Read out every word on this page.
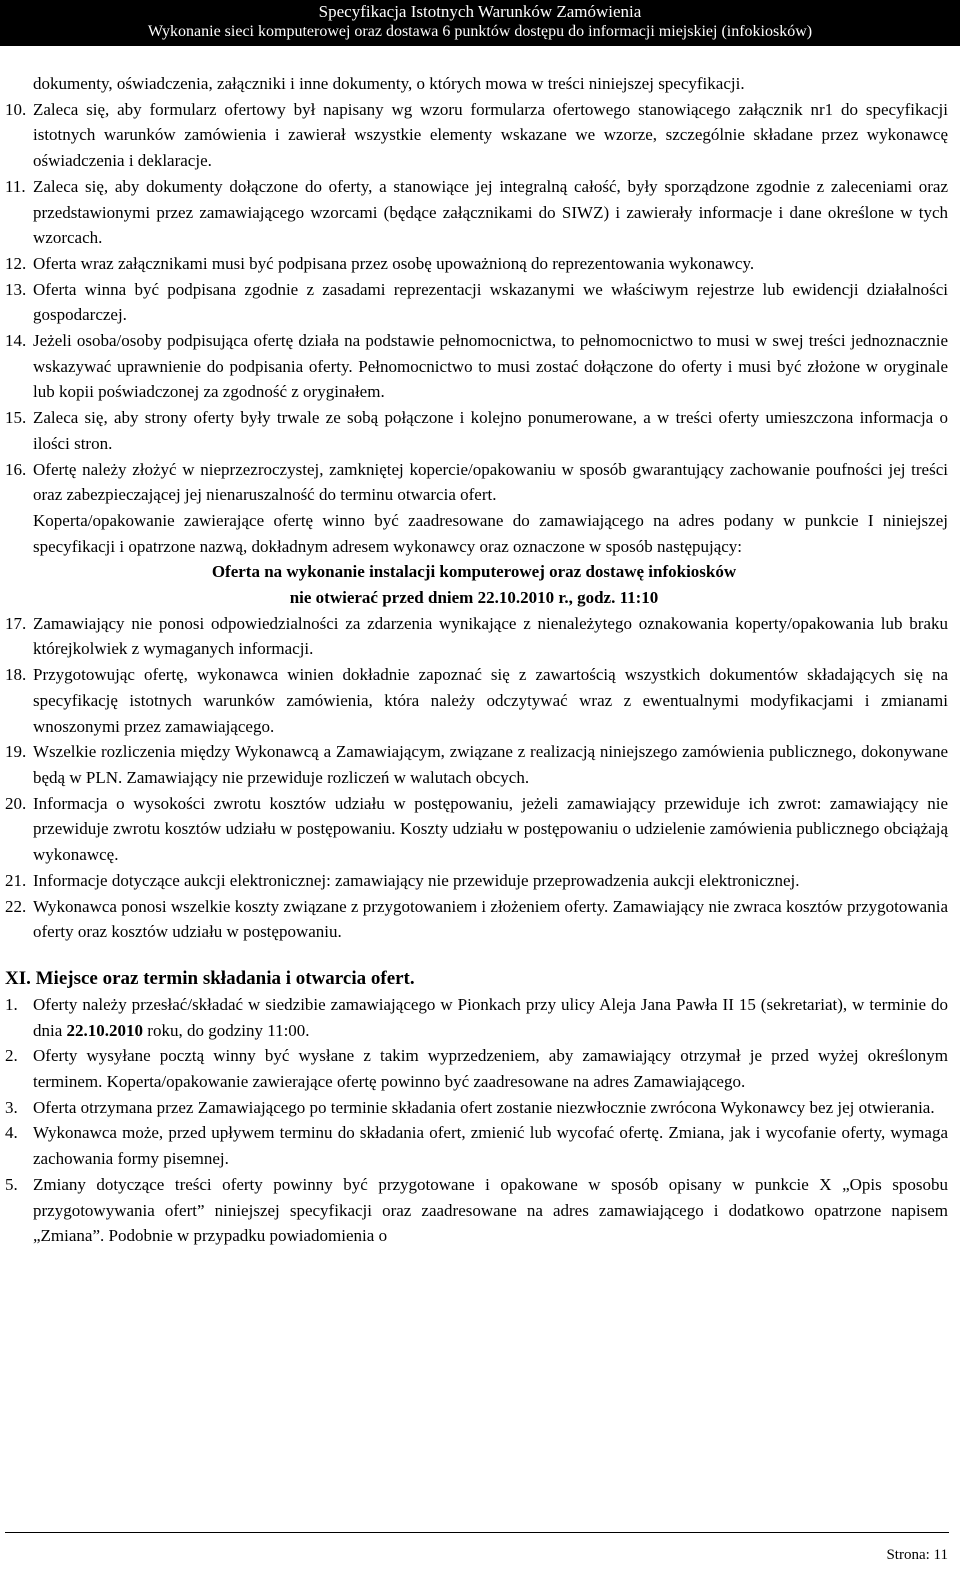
Specyfikacja Istotnych Warunków Zamówienia
Wykonanie sieci komputerowej oraz dostawa 6 punktów dostępu do informacji miejskiej (infokiosków)
dokumenty, oświadczenia, załączniki i inne dokumenty, o których mowa w treści niniejszej specyfikacji.
10. Zaleca się, aby formularz ofertowy był napisany wg wzoru formularza ofertowego stanowiącego załącznik nr1 do specyfikacji istotnych warunków zamówienia i zawierał wszystkie elementy wskazane we wzorze, szczególnie składane przez wykonawcę oświadczenia i deklaracje.
11. Zaleca się, aby dokumenty dołączone do oferty, a stanowiące jej integralną całość, były sporządzone zgodnie z zaleceniami oraz przedstawionymi przez zamawiającego wzorcami (będące załącznikami do SIWZ) i zawierały informacje i dane określone w tych wzorcach.
12. Oferta wraz załącznikami musi być podpisana przez osobę upoważnioną do reprezentowania wykonawcy.
13. Oferta winna być podpisana zgodnie z zasadami reprezentacji wskazanymi we właściwym rejestrze lub ewidencji działalności gospodarczej.
14. Jeżeli osoba/osoby podpisująca ofertę działa na podstawie pełnomocnictwa, to pełnomocnictwo to musi w swej treści jednoznacznie wskazywać uprawnienie do podpisania oferty. Pełnomocnictwo to musi zostać dołączone do oferty i musi być złożone w oryginale lub kopii poświadczonej za zgodność z oryginałem.
15. Zaleca się, aby strony oferty były trwale ze sobą połączone i kolejno ponumerowane, a w treści oferty umieszczona informacja o ilości stron.
16. Ofertę należy złożyć w nieprzezroczystej, zamkniętej kopercie/opakowaniu w sposób gwarantujący zachowanie poufności jej treści oraz zabezpieczającej jej nienaruszalność do terminu otwarcia ofert.
Koperta/opakowanie zawierające ofertę winno być zaadresowane do zamawiającego na adres podany w punkcie I niniejszej specyfikacji i opatrzone nazwą, dokładnym adresem wykonawcy oraz oznaczone w sposób następujący:
Oferta na wykonanie instalacji komputerowej oraz dostawę infokiosków
nie otwierać przed dniem 22.10.2010 r., godz. 11:10
17. Zamawiający nie ponosi odpowiedzialności za zdarzenia wynikające z nienależytego oznakowania koperty/opakowania lub braku którejkolwiek z wymaganych informacji.
18. Przygotowując ofertę, wykonawca winien dokładnie zapoznać się z zawartością wszystkich dokumentów składających się na specyfikację istotnych warunków zamówienia, która należy odczytywać wraz z ewentualnymi modyfikacjami i zmianami wnoszonymi przez zamawiającego.
19. Wszelkie rozliczenia między Wykonawcą a Zamawiającym, związane z realizacją niniejszego zamówienia publicznego, dokonywane będą w PLN. Zamawiający nie przewiduje rozliczeń w walutach obcych.
20. Informacja o wysokości zwrotu kosztów udziału w postępowaniu, jeżeli zamawiający przewiduje ich zwrot: zamawiający nie przewiduje zwrotu kosztów udziału w postępowaniu. Koszty udziału w postępowaniu o udzielenie zamówienia publicznego obciążają wykonawcę.
21. Informacje dotyczące aukcji elektronicznej: zamawiający nie przewiduje przeprowadzenia aukcji elektronicznej.
22. Wykonawca ponosi wszelkie koszty związane z przygotowaniem i złożeniem oferty. Zamawiający nie zwraca kosztów przygotowania oferty oraz kosztów udziału w postępowaniu.
XI. Miejsce oraz termin składania i otwarcia ofert.
1. Oferty należy przesłać/składać w siedzibie zamawiającego w Pionkach przy ulicy Aleja Jana Pawła II 15 (sekretariat), w terminie do dnia 22.10.2010 roku, do godziny 11:00.
2. Oferty wysyłane pocztą winny być wysłane z takim wyprzedzeniem, aby zamawiający otrzymał je przed wyżej określonym terminem. Koperta/opakowanie zawierające ofertę powinno być zaadresowane na adres Zamawiającego.
3. Oferta otrzymana przez Zamawiającego po terminie składania ofert zostanie niezwłocznie zwrócona Wykonawcy bez jej otwierania.
4. Wykonawca może, przed upływem terminu do składania ofert, zmienić lub wycofać ofertę. Zmiana, jak i wycofanie oferty, wymaga zachowania formy pisemnej.
5. Zmiany dotyczące treści oferty powinny być przygotowane i opakowane w sposób opisany w punkcie X „Opis sposobu przygotowywania ofert” niniejszej specyfikacji oraz zaadresowane na adres zamawiającego i dodatkowo opatrzone napisem „Zmiana”. Podobnie w przypadku powiadomienia o
Strona: 11
